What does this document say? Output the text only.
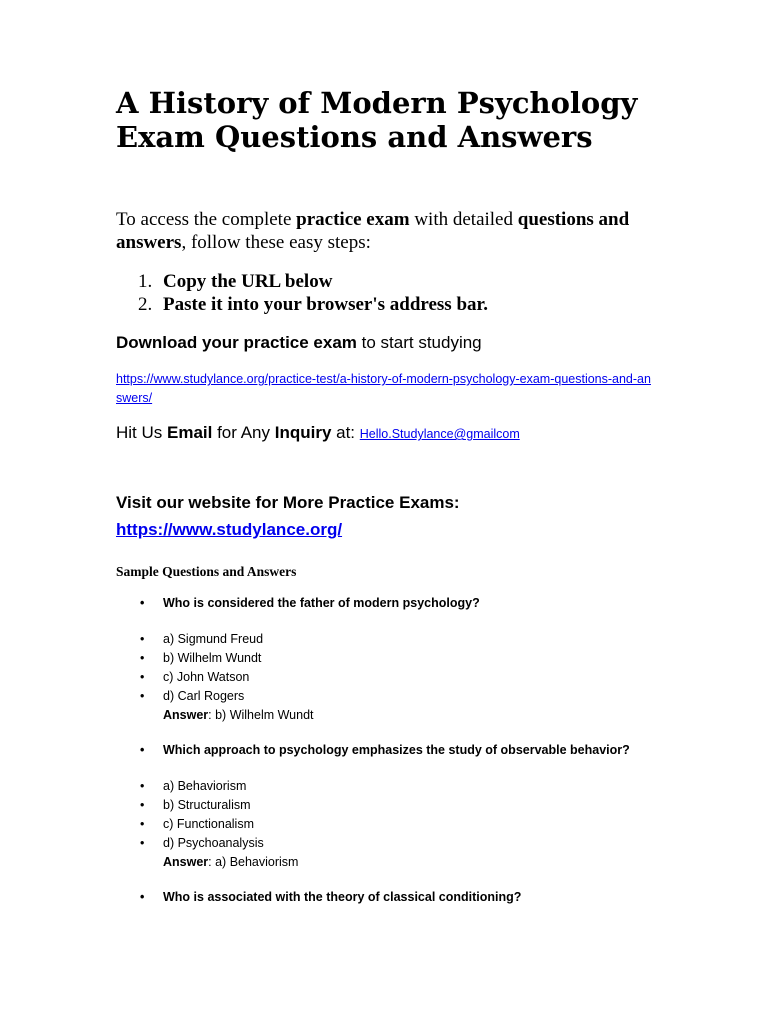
A History of Modern Psychology Exam Questions and Answers

To access the complete practice exam with detailed questions and answers, follow these easy steps:

1. Copy the URL below
2. Paste it into your browser's address bar.

Download your practice exam to start studying

https://www.studylance.org/practice-test/a-history-of-modern-psychology-exam-questions-and-answers/

Hit Us Email for Any Inquiry at: Hello.Studylance@gmailcom

Visit our website for More Practice Exams:

https://www.studylance.org/

Sample Questions and Answers

• Who is considered the father of modern psychology?
• a) Sigmund Freud
• b) Wilhelm Wundt
• c) John Watson
• d) Carl Rogers
Answer: b) Wilhelm Wundt
• Which approach to psychology emphasizes the study of observable behavior?
• a) Behaviorism
• b) Structuralism
• c) Functionalism
• d) Psychoanalysis
Answer: a) Behaviorism
• Who is associated with the theory of classical conditioning?
